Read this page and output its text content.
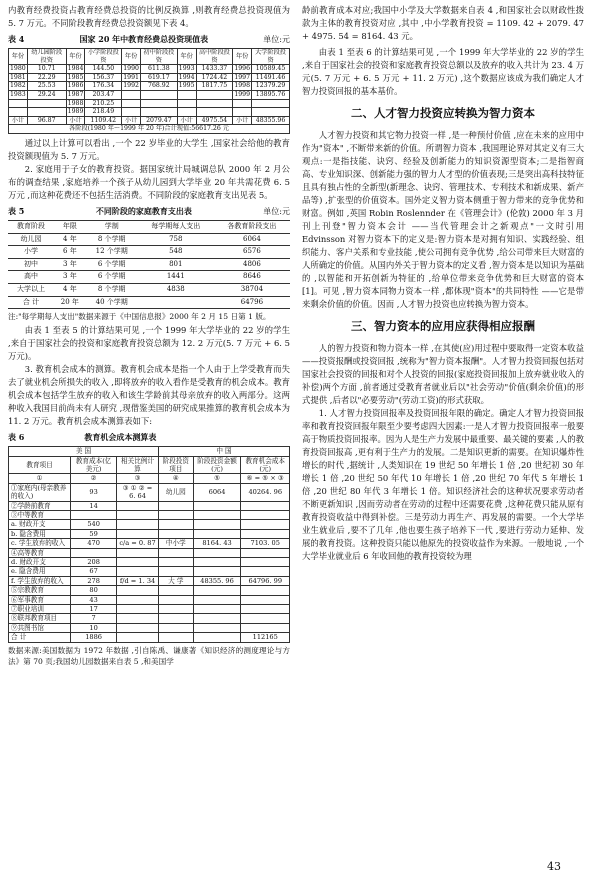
内教育经费投资占教育经费总投资的比例反换算 ,则教育经费总投资现值为 5. 7 万元。不同阶段教育经费总投资额见下表 4。

表 4	国家 20 年中教育经费总投资现值表	单位:元
年份	幼儿园阶段投资	年份	小学阶段投资	年份	初中阶段投资	年份	高中阶段投资	年份	大学阶段投资
1980	10.71	1984	144.50	1990	611.38	1993	1433.37	1996	10589.45
1981	22.29	1985	156.37	1991	619.17	1994	1724.42	1997	11491.46
1982	25.53	1986	176.34	1992	768.92	1995	1817.75	1998	12379.29
1983	29.24	1987	203.47					1999	13895.76
		1988	210.25						
		1989	218.49						
小计	96.87	小计	1109.42	小计	2079.47	小计	4975.54	小计	48355.96
各阶段(1980 年～1999 年 20 年)合计现值:56617.26 元									

通过以上计算可以看出 ,一个 22 岁毕业的大学生 ,国家社会给他的教育投资额现值为 5. 7 万元。

2. 家庭用于子女的教育投资。据国家统计局城调总队 2000 年 2 月公布的调查结果 ,家庭培养一个孩子从幼儿园到大学毕业 20 年共需花费 6. 5 万元 ,而这种花费还不包括生活消费。不同阶段的家庭教育支出见表 5。

表 5	不同阶段的家庭教育支出表	单位:元
教育阶段	年限	学制	每学期每人支出	各教育阶段支出
幼儿园	4 年	8 个学期	758	6064
小学	6 年	12 个学期	548	6576
初中	3 年	6 个学期	801	4806
高中	3 年	6 个学期	1441	8646
大学以上	4 年	8 个学期	4838	38704
合 计	20 年	40 个学期		64796

注:"每学期每人支出"数据来源于《中国信息报》2000 年 2 月 15 日第 1 版。

由表 1 至表 5 的计算结果可见 ,一个 1999 年大学毕业的 22 岁的学生 ,来自于国家社会的投资和家庭教育投资总额为 12. 2 万元(5. 7 万元 + 6. 5 万元)。

3. 教育机会成本的测算。教育机会成本是指一个人由于上学受教育而失去了就业机会所损失的收入 ,即将放弃的收入看作是受教育的机会成本。教育机会成本包括学生放弃的收入和该生学龄前其母亲放弃的收入两部分。这两种收入我国目前尚未有人研究 ,现借鉴美国的研究成果推算的教育机会成本为 11. 2 万元。教育机会成本测算表如下:

表 6	教育机会成本测算表
美 国			中 国		
教育项目	教育成本(亿美元)	相关比例计算	阶段投资项目	阶段投资金额(元)	教育机会成本(元)
①	②	③	④	⑤	⑥ = ⑤ × ③
①家庭内(母亲教养的收入)	93	③ ① ② = 6. 64	幼儿园	6064	40264. 96
②学龄前教育	14				
③中等教育					
a. 财政开支	540				
b. 隐含费用	59				
c. 学生放弃的收入	470	c/a = 0. 87	中小学	8164. 43	7103. 05
④高等教育					
d. 财政开支	208				
e. 隐含费用	67				
f. 学生放弃的收入	278	f/d = 1. 34	大 学	48355. 96	64796. 99
⑤宗教教育	80				
⑥军事教育	43				
⑦职业培训	17				
⑧联邦教育项目	7				
⑨共图书馆	10				
合 计	1886				112165

数据来源:美国数据为 1972 年数据 ,引自陈禹、谦康著《知识经济的测度理论与方法》第 70 页;我国幼儿园数据来自表 5 ,和美国学

龄前教育成本对应;我国中小学及大学数据来自表 4 ,和国家社会以财政性拨款为主体的教育投资对应 ,其中 ,中小学教育投资 = 1109. 42 + 2079. 47 + 4975. 54 = 8164. 43 元。

由表 1 至表 6 的计算结果可见 ,一个 1999 年大学毕业的 22 岁的学生 ,来自于国家社会的投资和家庭教育投资总额以及放弃的收入共计为 23. 4 万元(5. 7 万元 + 6. 5 万元 + 11. 2 万元) ,这个数据应该成为我们确定人才智力投资回报的基本基价。

二、人才智力投资应转换为智力资本

人才智力投资和其它物力投资一样 ,是一种预付价值 ,应在未来的应用中作为"资本" ,不断带来新的价值。所谓智力资本 ,我国理论界对其定义有三大观点:一是指技能、诀窍、经验及创新能力的知识资源型资本;二是指智商高、专业知识深、创新能力强的智力人才型的价值表现;三是突出高科技特征且具有独占性的全新型(新理念、诀窍、管理技术、专利技术和新成果、新产品等) ,扩张型的价值资本。国外定义智力资本侧重于智力带来的竞争优势和财富。例如 ,英国 Robin Roslennder 在《管理会计》(伦敦) 2000 年 3 月刊上刊登"智力资本会计 ——当代管理会计之新观点"一文时引用 Edvinsson 对智力资本下的定义是:智力资本是对拥有知识、实践经验、组织能力、客户关系和专业技能 ,使公司拥有竞争优势 ,给公司带来巨大财富的人所确定的价值。从国内外关于智力资本的定义看 ,智力资本是以知识为基础的 ,以智能和开拓创新为特征的 ,给单位带来竞争优势和巨大财富的资本[1]。可见 ,智力资本同物力资本一样 ,都体现"资本"的共同特性 ——它是带来剩余价值的价值。因而 ,人才智力投资也应转换为智力资本。

三、智力资本的应用应获得相应报酬

人的智力投资和物力资本一样 ,在其使(应)用过程中要取得一定资本收益 ——投资报酬或投资回报 ,统称为"智力资本报酬"。人才智力投资回报包括对国家社会投资的回报和对个人投资的回报(家庭投资回报加上放弃就业收入的补偿)两个方面 ,前者通过受教育者就业后以"社会劳动"价值(剩余价值)的形式提供 ,后者以"必要劳动"(劳动工资)的形式获取。

1. 人才智力投资回报率及投资回报年限的确定。确定人才智力投资回报率和教育投资回报年限至少要考虑四大因素:一是人才智力投资回报率一般要高于物质投资回报率。因为人是生产力发展中最重要、最关键的要素 ,人的教育投资回报高 ,更有利于生产力的发展。二是知识更新的需要。在知识爆炸性增长的时代 ,据统计 ,人类知识在 19 世纪 50 年增长 1 倍 ,20 世纪初 30 年增长 1 倍 ,20 世纪 50 年代 10 年增长 1 倍 ,20 世纪 70 年代 5 年增长 1 倍 ,20 世纪 80 年代 3 年增长 1 倍。知识经济社会的这种状况要求劳动者不断更新知识 ,因而劳动者在劳动的过程中还需要花费 ,这种花费只能从原有教育投资收益中得到补偿。三是劳动力再生产、再发展的需要。一个大学毕业生就业后 ,要不了几年 ,他也要生孩子培养下一代 ,要进行劳动力延伸、发展的教育投资。这种投资只能以他原先的投资收益作为来源。一般地说 ,一个大学毕业就业后 6 年收回他的教育投资较为理

43
